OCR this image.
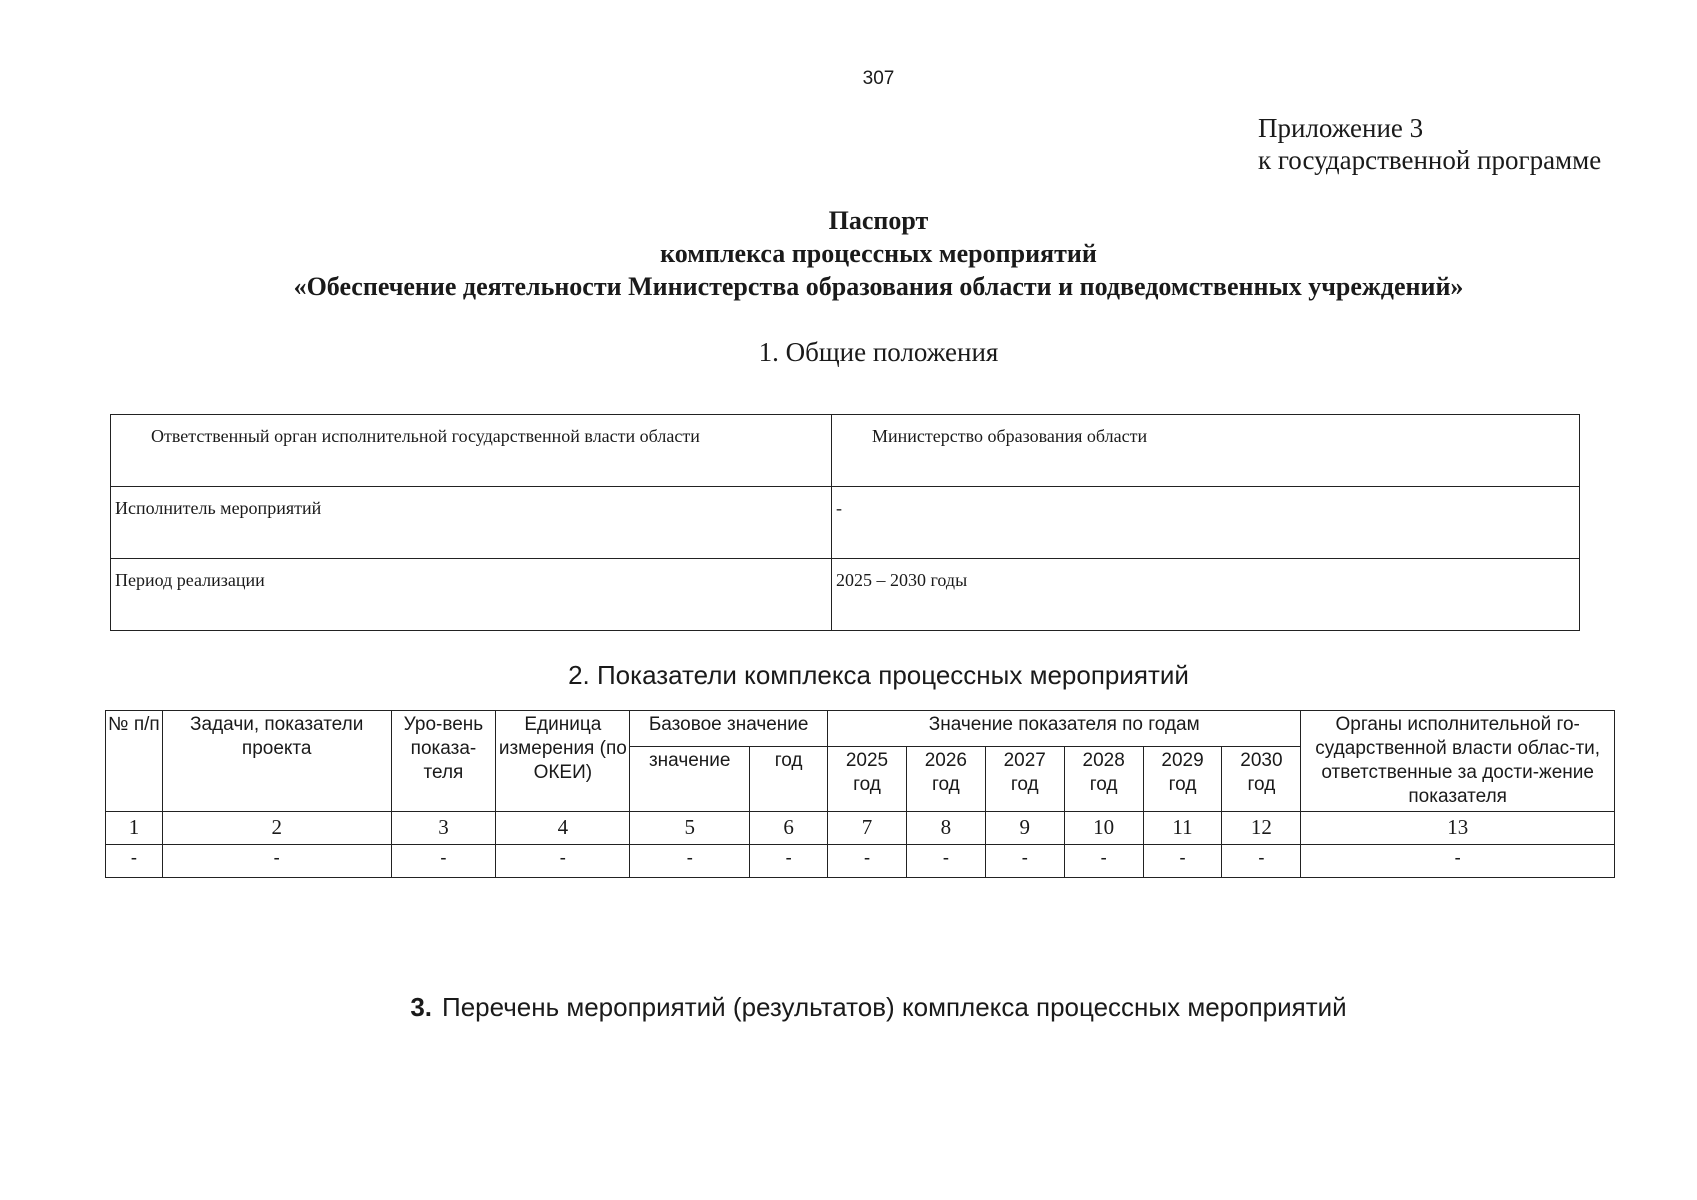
307
Приложение 3
к государственной программе
Паспорт
комплекса процессных мероприятий
«Обеспечение деятельности Министерства образования области и подведомственных учреждений»
1. Общие положения
Ответственный орган исполнительной государственной власти области	Министерство образования области
Исполнитель мероприятий	-
Период реализации	2025 – 2030 годы
2. Показатели комплекса процессных мероприятий
№ п/п	Задачи, показатели проекта	Уро-вень показа-теля	Единица измерения (по ОКЕИ)	Базовое значение		Значение показателя по годам						Органы исполнительной го-сударственной власти облас-ти, ответственные за дости-жение показателя
				значение	год	2025 год	2026 год	2027 год	2028 год	2029 год	2030 год	
1	2	3	4	5	6	7	8	9	10	11	12	13
-	-	-	-	-	-	-	-	-	-	-	-	-
3. Перечень мероприятий (результатов) комплекса процессных мероприятий
